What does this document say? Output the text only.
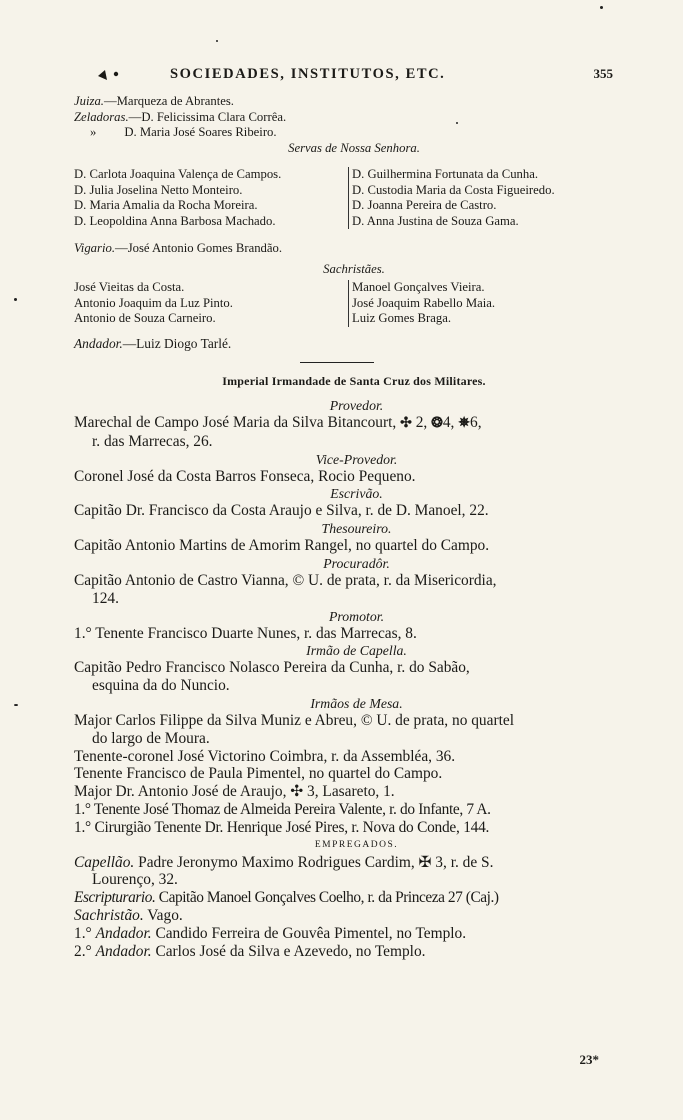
SOCIEDADES, INSTITUTOS, ETC.	355
Juiza.—Marqueza de Abrantes.
Zeladoras.—D. Felicissima Clara Corrêa.
» D. Maria José Soares Ribeiro.
Servas de Nossa Senhora.
D. Carlota Joaquina Valença de Campos.	D. Guilhermina Fortunata da Cunha.
D. Julia Joselina Netto Monteiro.	D. Custodia Maria da Costa Figueiredo.
D. Maria Amalia da Rocha Moreira.	D. Joanna Pereira de Castro.
D. Leopoldina Anna Barbosa Machado.	D. Anna Justina de Souza Gama.
Vigario.—José Antonio Gomes Brandão.
Sachristães.
José Vieitas da Costa.	Manoel Gonçalves Vieira.
Antonio Joaquim da Luz Pinto.	José Joaquim Rabello Maia.
Antonio de Souza Carneiro.	Luiz Gomes Braga.
Andador.—Luiz Diogo Tarlé.
Imperial Irmandade de Santa Cruz dos Militares.
Provedor.
Marechal de Campo José Maria da Silva Bitancourt, ✣ 2, ❂4, ✵6,
r. das Marrecas, 26.
Vice-Provedor.
Coronel José da Costa Barros Fonseca, Rocio Pequeno.
Escrivão.
Capitão Dr. Francisco da Costa Araujo e Silva, r. de D. Manoel, 22.
Thesoureiro.
Capitão Antonio Martins de Amorim Rangel, no quartel do Campo.
Procuradôr.
Capitão Antonio de Castro Vianna, © U. de prata, r. da Misericordia,
124.
Promotor.
1.° Tenente Francisco Duarte Nunes, r. das Marrecas, 8.
Irmão de Capella.
Capitão Pedro Francisco Nolasco Pereira da Cunha, r. do Sabão,
esquina da do Nuncio.
Irmãos de Mesa.
Major Carlos Filippe da Silva Muniz e Abreu, © U. de prata, no quartel
do largo de Moura.
Tenente-coronel José Victorino Coimbra, r. da Assembléa, 36.
Tenente Francisco de Paula Pimentel, no quartel do Campo.
Major Dr. Antonio José de Araujo, ✣ 3, Lasareto, 1.
1.° Tenente José Thomaz de Almeida Pereira Valente, r. do Infante, 7 A.
1.° Cirurgião Tenente Dr. Henrique José Pires, r. Nova do Conde, 144.
EMPREGADOS.
Capellão. Padre Jeronymo Maximo Rodrigues Cardim, ✠ 3, r. de S.
Lourenço, 32.
Escripturario. Capitão Manoel Gonçalves Coelho, r. da Princeza 27 (Caj.)
Sachristão. Vago.
1.° Andador. Candido Ferreira de Gouvêa Pimentel, no Templo.
2.° Andador. Carlos José da Silva e Azevedo, no Templo.
23*
